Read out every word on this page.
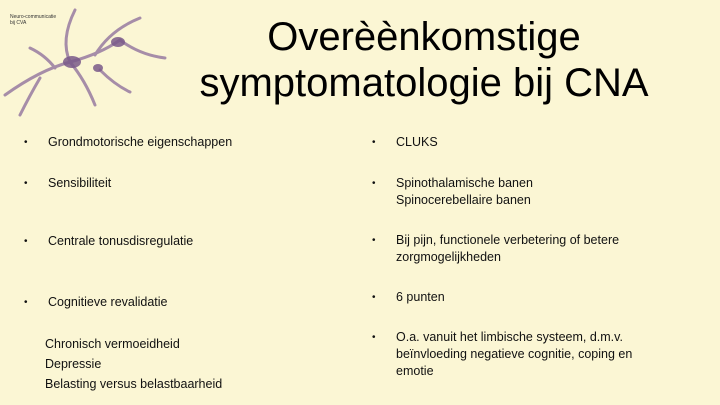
Neuro-communicatie
bij CVA	Overèènkomstige
symptomatologie bij CNA
•	Grondmotorische eigenschappen
•	Sensibiliteit
•	Centrale tonusdisregulatie
•	Cognitieve revalidatie
Chronisch vermoeidheid
Depressie
Belasting versus belastbaarheid
•	CLUKS
•	Spinothalamische banen
Spinocerebellaire banen
•	Bij pijn, functionele verbetering of betere
zorgmogelijkheden
•	6 punten
•	O.a. vanuit het limbische systeem, d.m.v.
beïnvloeding negatieve cognitie, coping en
emotie
